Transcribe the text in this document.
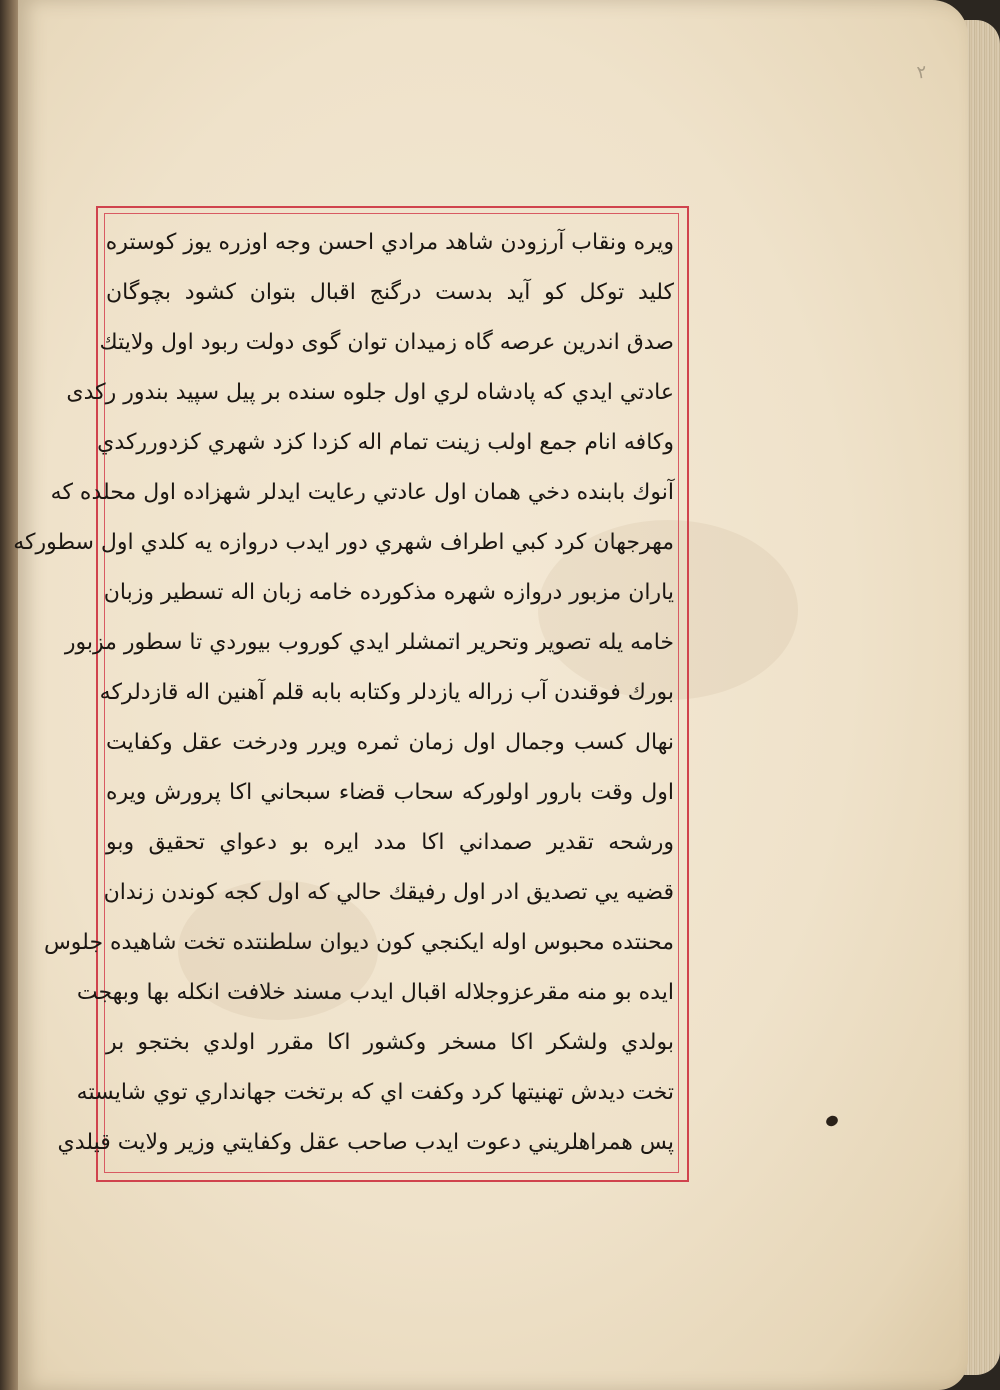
٢
ويره ونقاب آرزودن شاهد مرادي احسن وجه اوزره يوز كوستره
كليد توكل كو آيد بدست درگنج اقبال بتوان كشود بچوگان
صدق اندرين عرصه گاه زميدان توان گوی دولت ربود اول ولايتك
عادتي ايدي كه پادشاه لري اول جلوه سنده بر پيل سپيد بندور ركدى
وكافه انام جمع اولب زينت تمام اله كزدا كزد شهري كزدورركدي
آنوك بابنده دخي همان اول عادتي رعايت ايدلر شهزاده اول محلده كه
مهرجهان كرد كبي اطراف شهري دور ايدب دروازه يه كلدي اول سطوركه
ياران مزبور دروازه شهره مذكورده خامه زبان اله تسطير وزبان
خامه يله تصوير وتحرير اتمشلر ايدي كوروب بيوردي تا سطور مزبور
بورك فوقندن آب زراله يازدلر وكتابه بابه قلم آهنين اله قازدلركه
نهال كسب وجمال اول زمان ثمره ويرر ودرخت عقل وكفايت
اول وقت بارور اولوركه سحاب قضاء سبحاني اكا پرورش ويره
ورشحه تقدير صمداني اكا مدد ايره بو دعواي تحقيق وبو
قضيه يي تصديق ادر اول رفيقك حالي كه اول كجه كوندن زندان
محنتده محبوس اوله ايكنجي كون ديوان سلطنتده تخت شاهيده جلوس
ايده بو منه مقرعزوجلاله اقبال ايدب مسند خلافت انكله بها وبهجت
بولدي ولشكر اكا مسخر وكشور اكا مقرر اولدي بختجو بر
تخت ديدش تهنيتها كرد وكفت اي كه برتخت جهانداري توي شايسته
پس همراهلريني دعوت ايدب صاحب عقل وكفايتي وزير ولايت قيلدي
